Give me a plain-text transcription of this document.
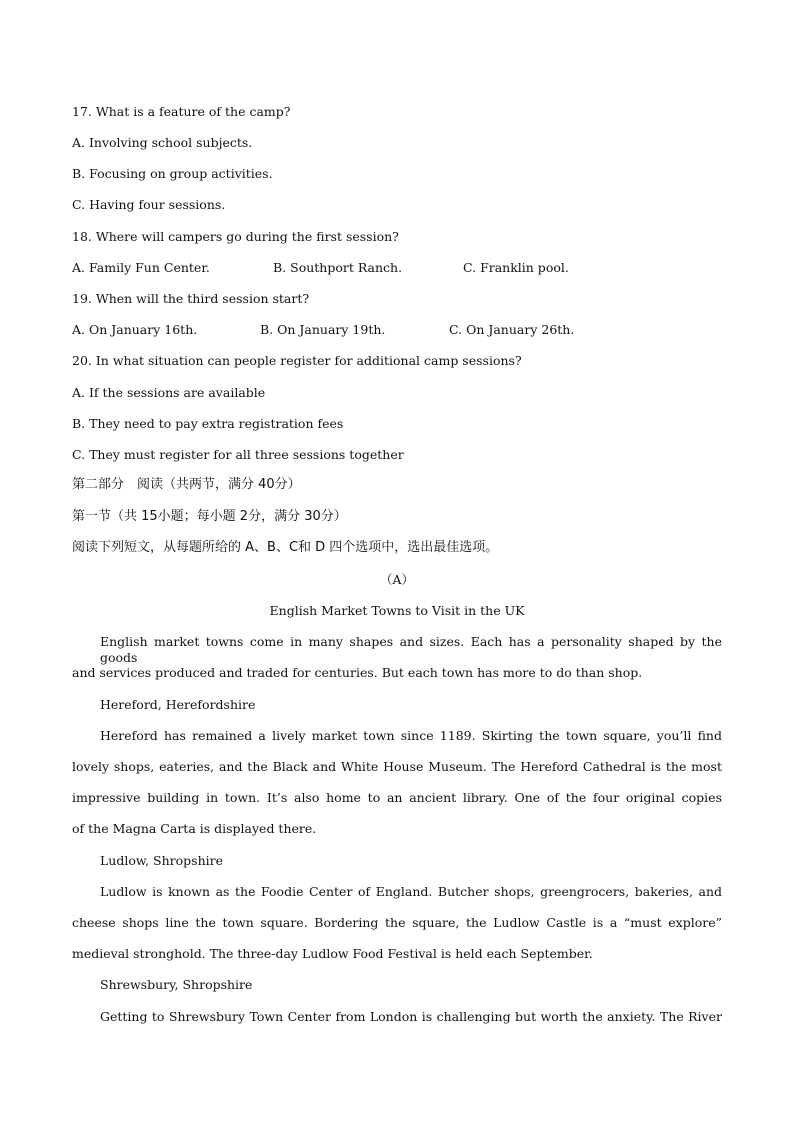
17. What is a feature of the camp?
A. Involving school subjects.
B. Focusing on group activities.
C. Having four sessions.
18. Where will campers go during the first session?
A. Family Fun Center.	B. Southport Ranch.	C. Franklin pool.
19. When will the third session start?
A. On January 16th.	B. On January 19th.	C. On January 26th.
20. In what situation can people register for additional camp sessions?
A. If the sessions are available
B. They need to pay extra registration fees
C. They must register for all three sessions together
第二部分　阅读（共两节，满分 40分）
第一节（共 15小题；每小题 2分，满分 30分）
阅读下列短文，从每题所给的 A、B、C和 D 四个选项中，选出最佳选项。
（A）
English Market Towns to Visit in the UK
English market towns come in many shapes and sizes. Each has a personality shaped by the goods
and services produced and traded for centuries. But each town has more to do than shop.
Hereford, Herefordshire
Hereford has remained a lively market town since 1189. Skirting the town square, you’ll find
lovely shops, eateries, and the Black and White House Museum. The Hereford Cathedral is the most
impressive building in town. It’s also home to an ancient library. One of the four original copies
of the Magna Carta is displayed there.
Ludlow, Shropshire
Ludlow is known as the Foodie Center of England. Butcher shops, greengrocers, bakeries, and
cheese shops line the town square. Bordering the square, the Ludlow Castle is a “must explore”
medieval stronghold. The three-day Ludlow Food Festival is held each September.
Shrewsbury, Shropshire
Getting to Shrewsbury Town Center from London is challenging but worth the anxiety. The River
